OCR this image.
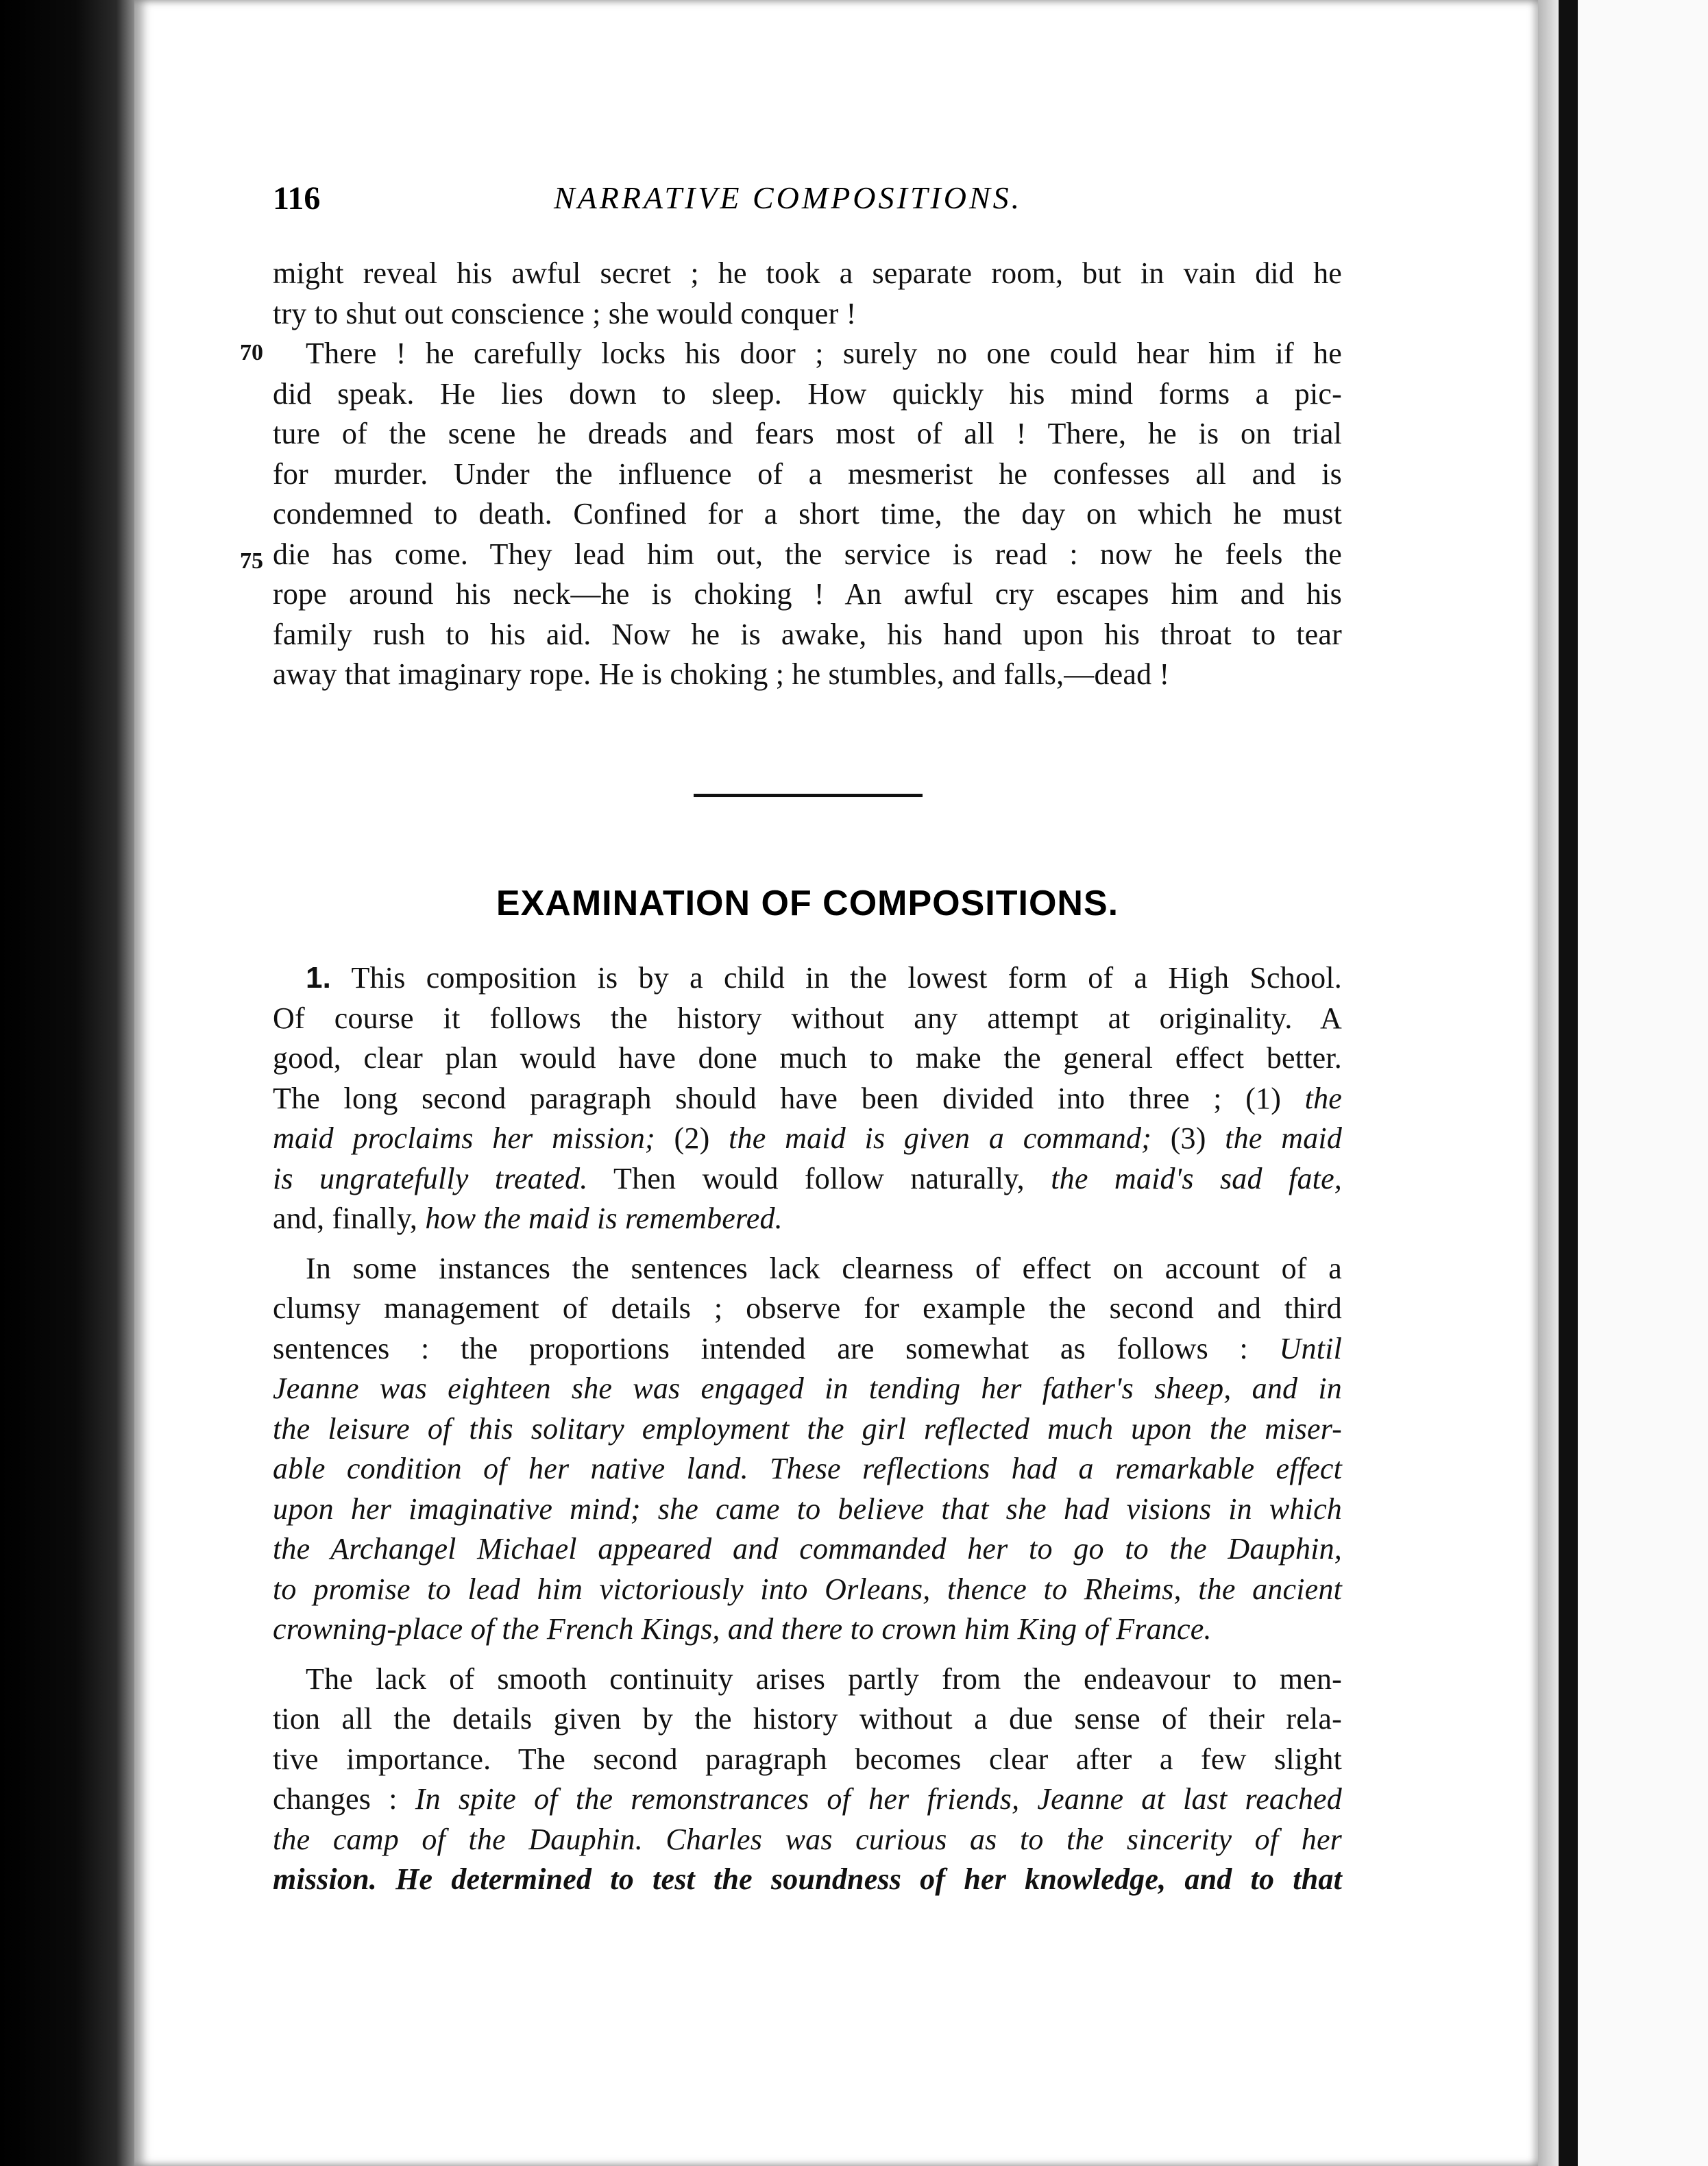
116	NARRATIVE COMPOSITIONS.
70
75
might reveal his awful secret ; he took a separate room, but in vain did he
try to shut out conscience ; she would conquer !
There ! he carefully locks his door ; surely no one could hear him if he
did speak. He lies down to sleep. How quickly his mind forms a pic-
ture of the scene he dreads and fears most of all ! There, he is on trial
for murder. Under the influence of a mesmerist he confesses all and is
condemned to death. Confined for a short time, the day on which he must
die has come. They lead him out, the service is read : now he feels the
rope around his neck—he is choking ! An awful cry escapes him and his
family rush to his aid. Now he is awake, his hand upon his throat to tear
away that imaginary rope. He is choking ; he stumbles, and falls,—dead !
EXAMINATION OF COMPOSITIONS.
1. This composition is by a child in the lowest form of a High School.
Of course it follows the history without any attempt at originality. A
good, clear plan would have done much to make the general effect better.
The long second paragraph should have been divided into three ; (1) the
maid proclaims her mission; (2) the maid is given a command; (3) the maid
is ungratefully treated. Then would follow naturally, the maid's sad fate,
and, finally, how the maid is remembered.
In some instances the sentences lack clearness of effect on account of a
clumsy management of details ; observe for example the second and third
sentences : the proportions intended are somewhat as follows : Until
Jeanne was eighteen she was engaged in tending her father's sheep, and in
the leisure of this solitary employment the girl reflected much upon the miser-
able condition of her native land. These reflections had a remarkable effect
upon her imaginative mind; she came to believe that she had visions in which
the Archangel Michael appeared and commanded her to go to the Dauphin,
to promise to lead him victoriously into Orleans, thence to Rheims, the ancient
crowning-place of the French Kings, and there to crown him King of France.
The lack of smooth continuity arises partly from the endeavour to men-
tion all the details given by the history without a due sense of their rela-
tive importance. The second paragraph becomes clear after a few slight
changes : In spite of the remonstrances of her friends, Jeanne at last reached
the camp of the Dauphin. Charles was curious as to the sincerity of her
mission. He determined to test the soundness of her knowledge, and to that
